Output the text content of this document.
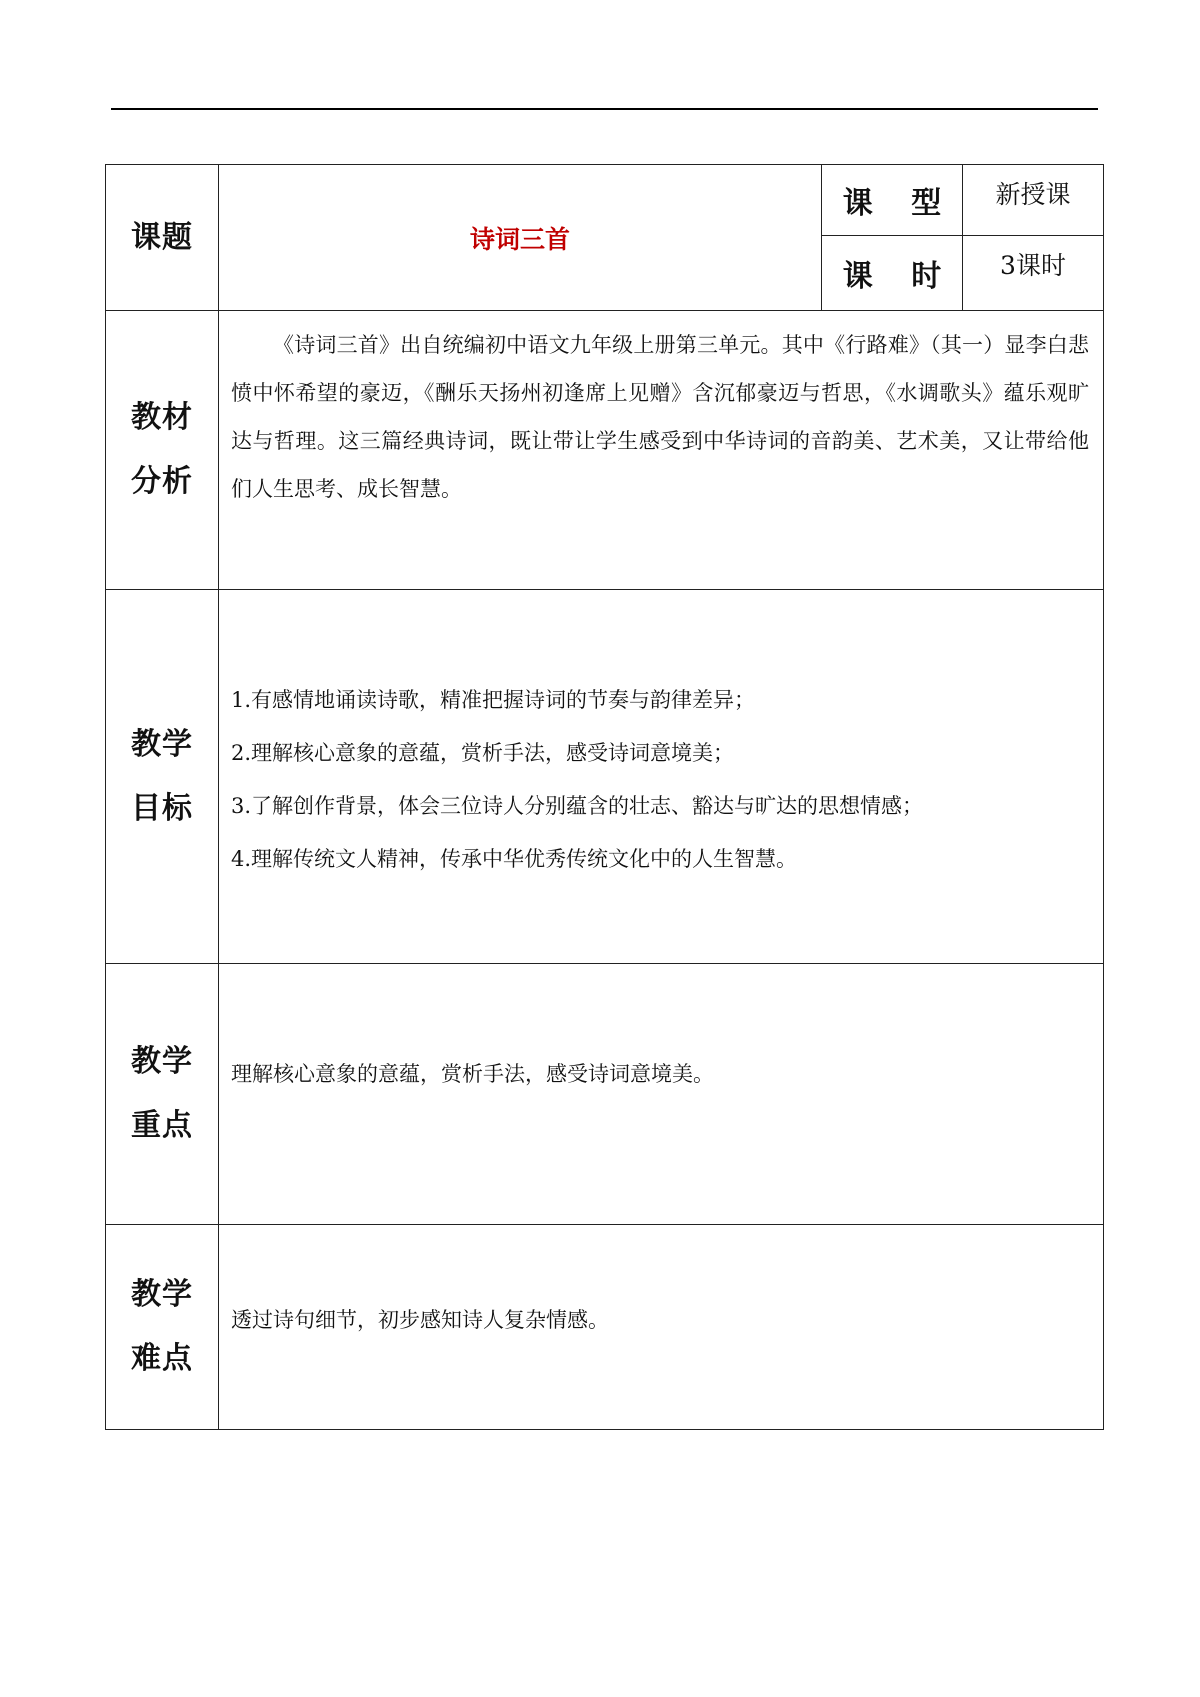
课题	诗词三首	课 型	新授课
		课 时	3课时

教材
分析	《诗词三首》出自统编初中语文九年级上册第三单元。其中《行路难》（其一）显李白悲愤中怀希望的豪迈，《酬乐天扬州初逢席上见赠》含沉郁豪迈与哲思，《水调歌头》蕴乐观旷达与哲理。这三篇经典诗词，既让带让学生感受到中华诗词的音韵美、艺术美，又让带给他们人生思考、成长智慧。		

教学
目标	1.有感情地诵读诗歌，精准把握诗词的节奏与韵律差异；
2.理解核心意象的意蕴，赏析手法，感受诗词意境美；
3.了解创作背景，体会三位诗人分别蕴含的壮志、豁达与旷达的思想情感；
4.理解传统文人精神，传承中华优秀传统文化中的人生智慧。		

教学
重点	理解核心意象的意蕴，赏析手法，感受诗词意境美。		

教学
难点	透过诗句细节，初步感知诗人复杂情感。		
